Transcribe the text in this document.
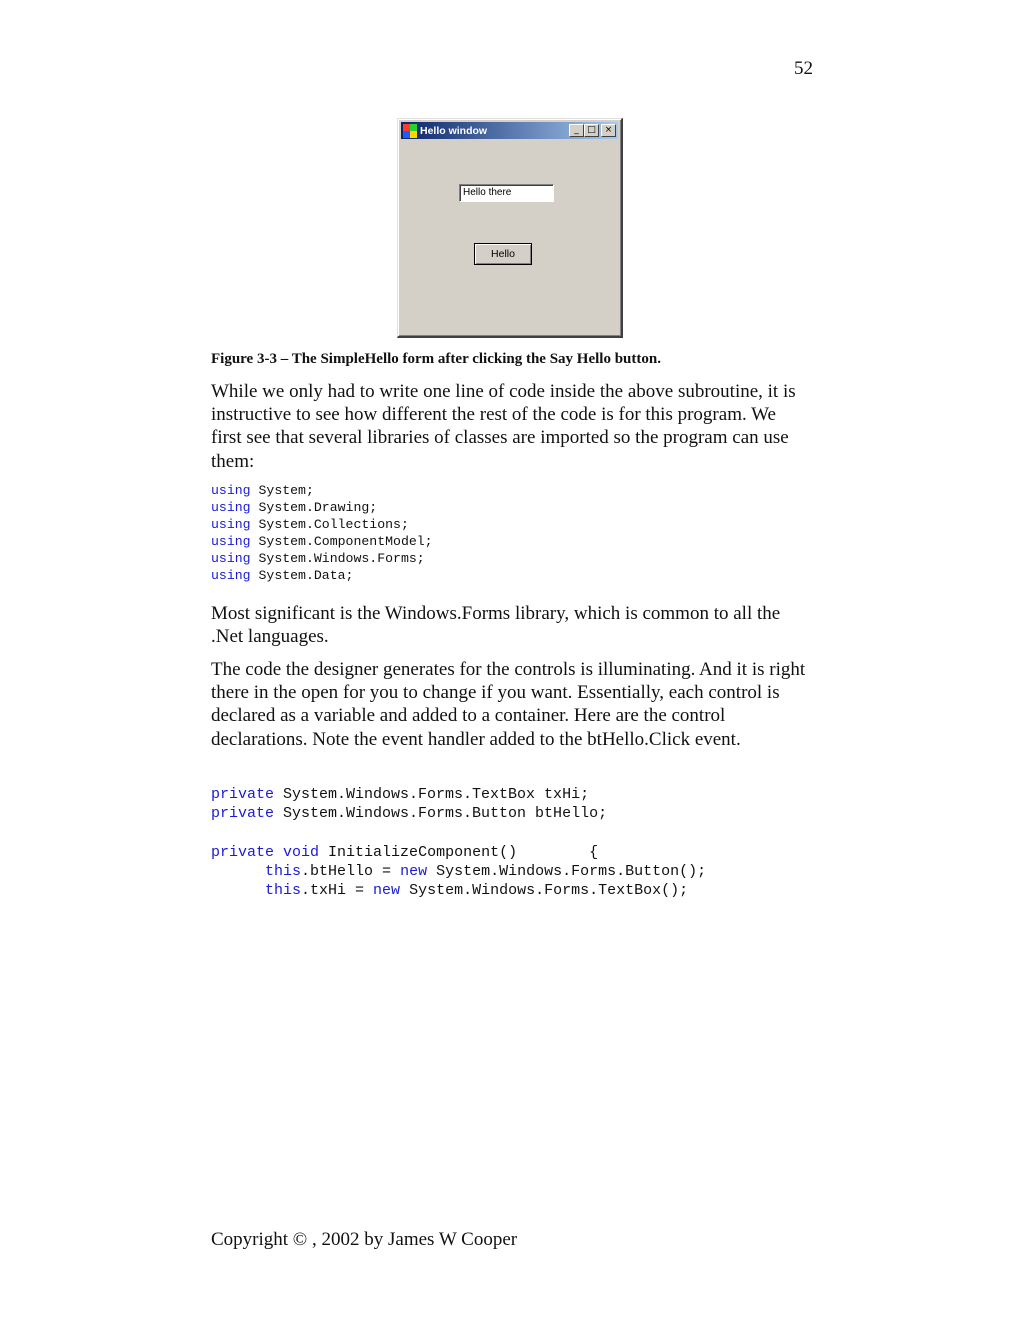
52
Hello window	_ □ ×
Hello there
Hello
Figure 3-3 – The SimpleHello form after clicking the Say Hello button.

While we only had to write one line of code inside the above subroutine, it is instructive to see how different the rest of the code is for this program. We first see that several libraries of classes are imported so the program can use them:

using System;
using System.Drawing;
using System.Collections;
using System.ComponentModel;
using System.Windows.Forms;
using System.Data;

Most significant is the Windows.Forms library, which is common to all the .Net languages.

The code the designer generates for the controls is illuminating. And it is right there in the open for you to change if you want. Essentially, each control is declared as a variable and added to a container. Here are the control declarations. Note the event handler added to the btHello.Click event.

private System.Windows.Forms.TextBox txHi;
private System.Windows.Forms.Button btHello;

private void InitializeComponent()        {
this.btHello = new System.Windows.Forms.Button();
this.txHi = new System.Windows.Forms.TextBox();
Copyright © , 2002 by James W Cooper
